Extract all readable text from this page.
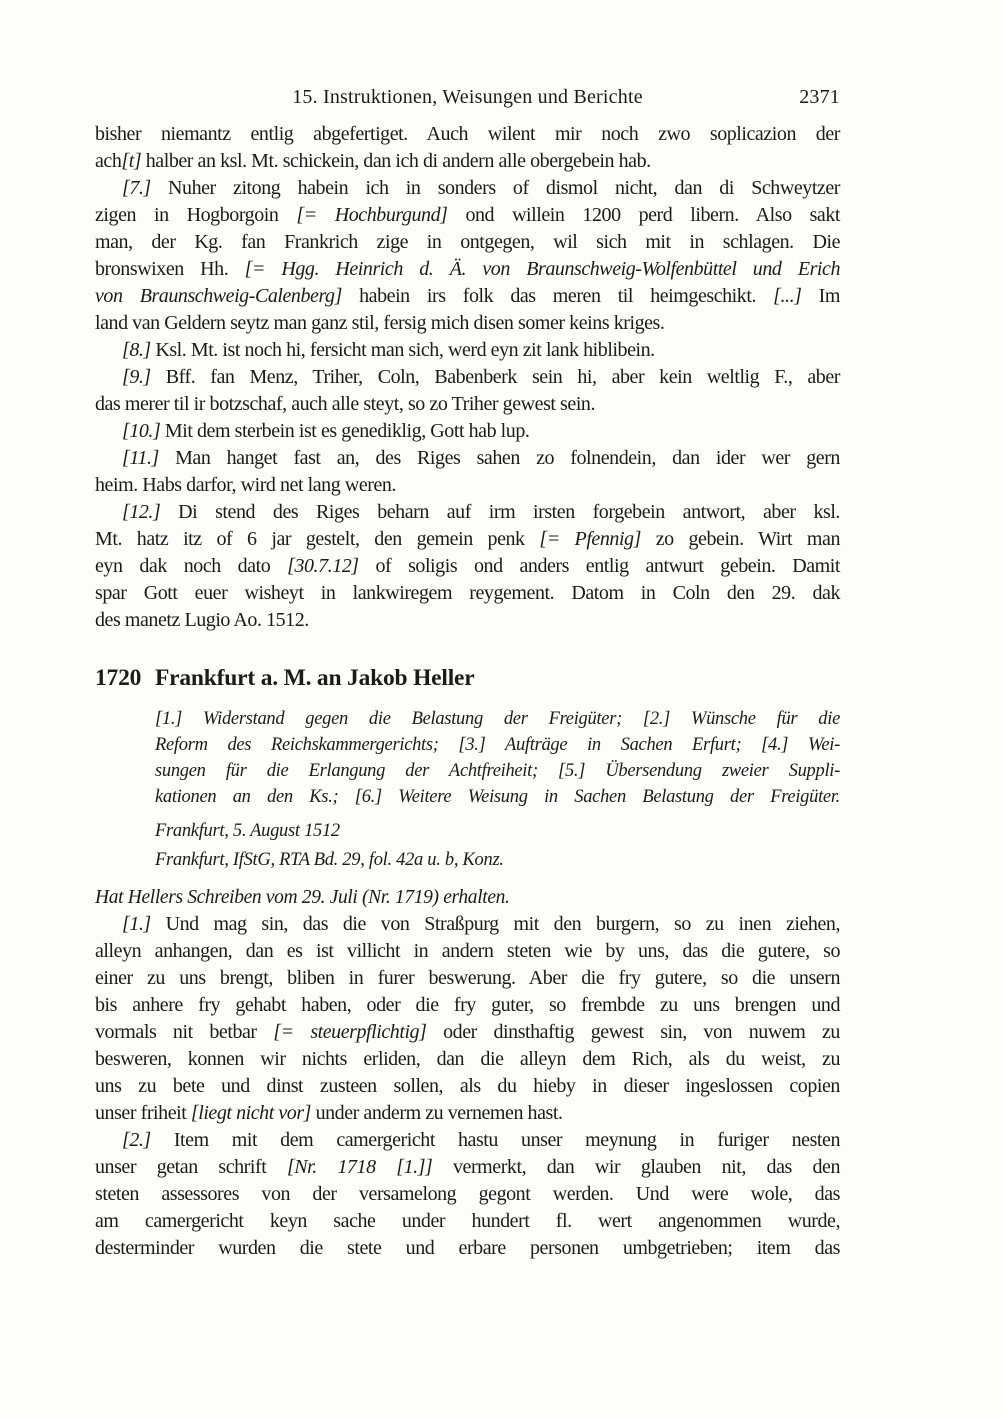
15. Instruktionen, Weisungen und Berichte	2371
bisher niemantz entlig abgefertiget. Auch wilent mir noch zwo soplicazion der
ach[t] halber an ksl. Mt. schickein, dan ich di andern alle obergebein hab.
[7.] Nuher zitong habein ich in sonders of dismol nicht, dan di Schweytzer
zigen in Hogborgoin [= Hochburgund] ond willein 1200 perd libern. Also sakt
man, der Kg. fan Frankrich zige in ontgegen, wil sich mit in schlagen. Die
bronswixen Hh. [= Hgg. Heinrich d. Ä. von Braunschweig-Wolfenbüttel und Erich
von Braunschweig-Calenberg] habein irs folk das meren til heimgeschikt. [...] Im
land van Geldern seytz man ganz stil, fersig mich disen somer keins kriges.
[8.] Ksl. Mt. ist noch hi, fersicht man sich, werd eyn zit lank hiblibein.
[9.] Bff. fan Menz, Triher, Coln, Babenberk sein hi, aber kein weltlig F., aber
das merer til ir botzschaf, auch alle steyt, so zo Triher gewest sein.
[10.] Mit dem sterbein ist es genediklig, Gott hab lup.
[11.] Man hanget fast an, des Riges sahen zo folnendein, dan ider wer gern
heim. Habs darfor, wird net lang weren.
[12.] Di stend des Riges beharn auf irm irsten forgebein antwort, aber ksl.
Mt. hatz itz of 6 jar gestelt, den gemein penk [= Pfennig] zo gebein. Wirt man
eyn dak noch dato [30.7.12] of soligis ond anders entlig antwurt gebein. Damit
spar Gott euer wisheyt in lankwiregem reygement. Datom in Coln den 29. dak
des manetz Lugio Ao. 1512.
1720 Frankfurt a. M. an Jakob Heller
[1.] Widerstand gegen die Belastung der Freigüter; [2.] Wünsche für die
Reform des Reichskammergerichts; [3.] Aufträge in Sachen Erfurt; [4.] Wei-
sungen für die Erlangung der Achtfreiheit; [5.] Übersendung zweier Suppli-
kationen an den Ks.; [6.] Weitere Weisung in Sachen Belastung der Freigüter.
Frankfurt, 5. August 1512
Frankfurt, IfStG, RTA Bd. 29, fol. 42a u. b, Konz.
Hat Hellers Schreiben vom 29. Juli (Nr. 1719) erhalten.
[1.] Und mag sin, das die von Straßpurg mit den burgern, so zu inen ziehen,
alleyn anhangen, dan es ist villicht in andern steten wie by uns, das die gutere, so
einer zu uns brengt, bliben in furer beswerung. Aber die fry gutere, so die unsern
bis anhere fry gehabt haben, oder die fry guter, so frembde zu uns brengen und
vormals nit betbar [= steuerpflichtig] oder dinsthaftig gewest sin, von nuwem zu
besweren, konnen wir nichts erliden, dan die alleyn dem Rich, als du weist, zu
uns zu bete und dinst zusteen sollen, als du hieby in dieser ingeslossen copien
unser friheit [liegt nicht vor] under anderm zu vernemen hast.
[2.] Item mit dem camergericht hastu unser meynung in furiger nesten
unser getan schrift [Nr. 1718 [1.]] vermerkt, dan wir glauben nit, das den
steten assessores von der versamelong gegont werden. Und were wole, das
am camergericht keyn sache under hundert fl. wert angenommen wurde,
desterminder wurden die stete und erbare personen umbgetrieben; item das
